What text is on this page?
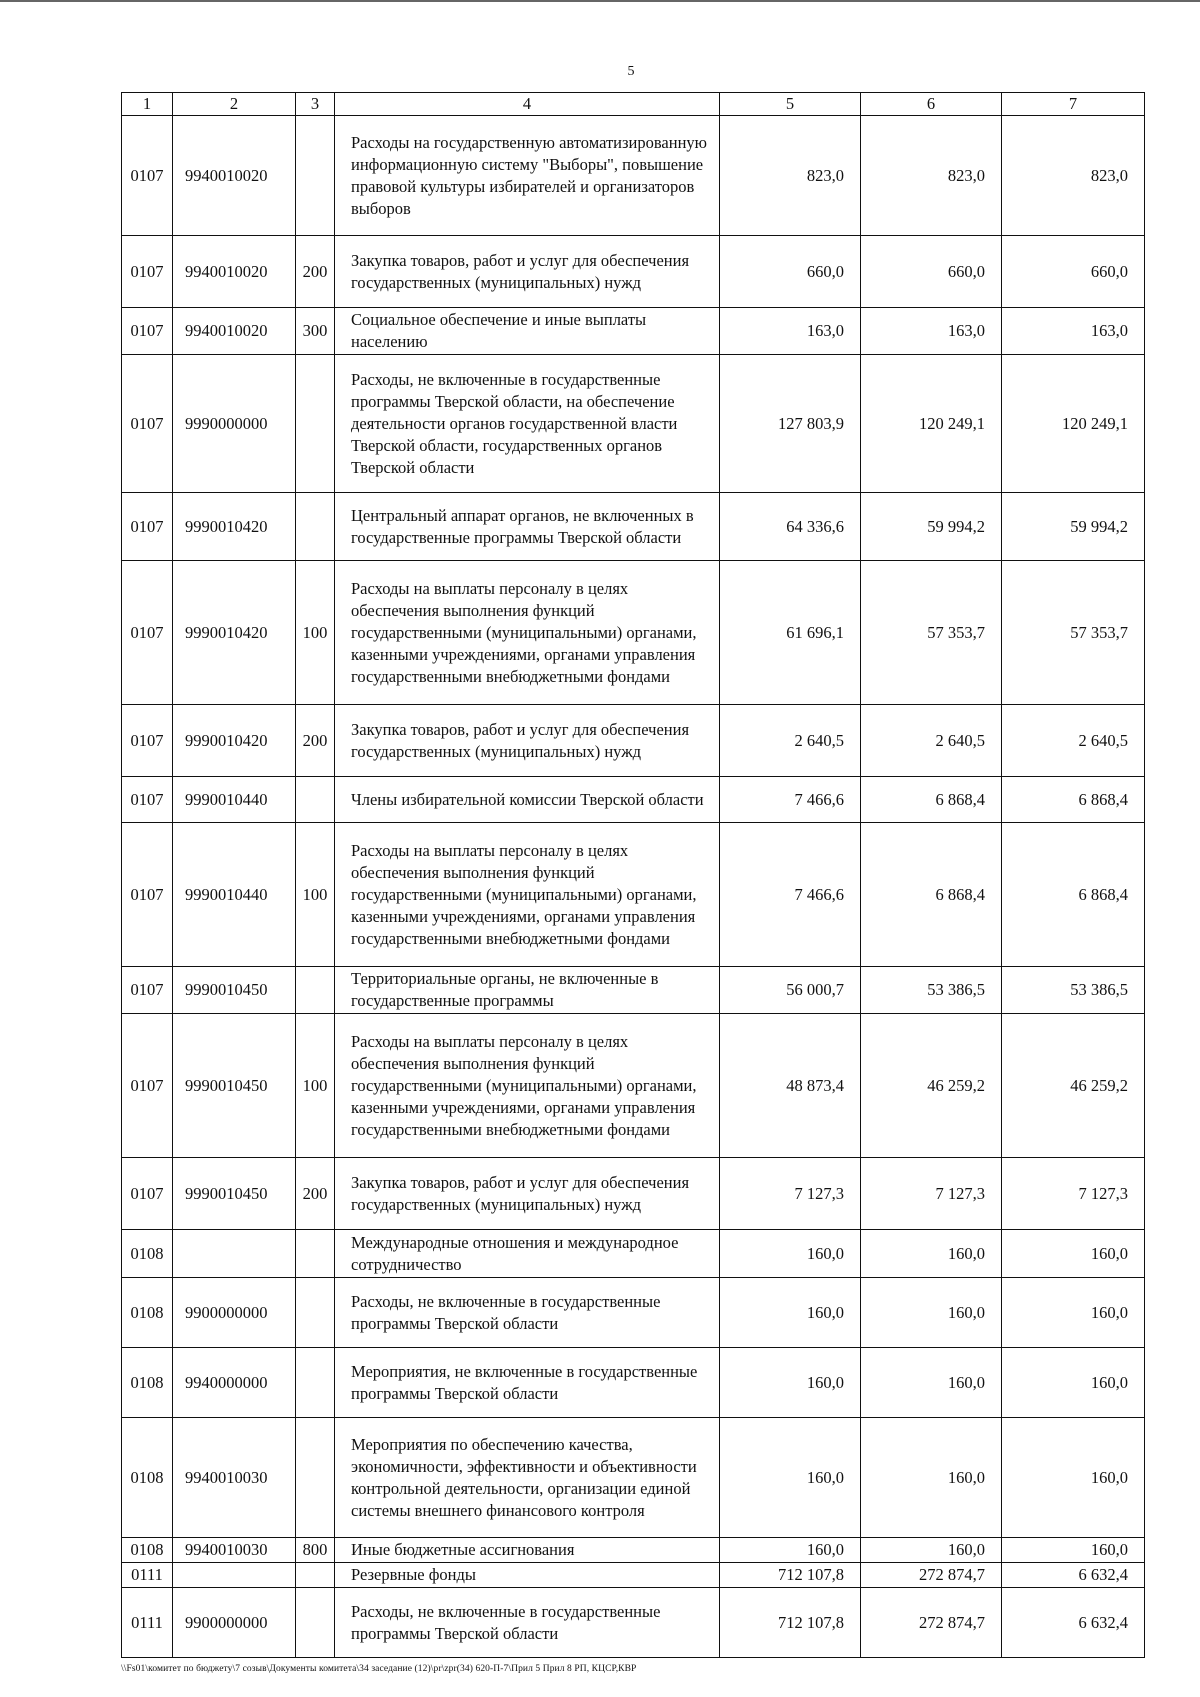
5
1	2	3	4	5	6	7
0107	9940010020		Расходы на государственную автоматизированную информационную систему "Выборы", повышение правовой культуры избирателей и организаторов выборов	823,0	823,0	823,0
0107	9940010020	200	Закупка товаров, работ и услуг для обеспечения государственных (муниципальных) нужд	660,0	660,0	660,0
0107	9940010020	300	Социальное обеспечение и иные выплаты населению	163,0	163,0	163,0
0107	9990000000		Расходы, не включенные в государственные программы Тверской области, на обеспечение деятельности органов государственной власти Тверской области, государственных органов Тверской области	127 803,9	120 249,1	120 249,1
0107	9990010420		Центральный аппарат органов, не включенных в государственные программы Тверской области	64 336,6	59 994,2	59 994,2
0107	9990010420	100	Расходы на выплаты персоналу в целях обеспечения выполнения функций государственными (муниципальными) органами, казенными учреждениями, органами управления государственными внебюджетными фондами	61 696,1	57 353,7	57 353,7
0107	9990010420	200	Закупка товаров, работ и услуг для обеспечения государственных (муниципальных) нужд	2 640,5	2 640,5	2 640,5
0107	9990010440		Члены избирательной комиссии Тверской области	7 466,6	6 868,4	6 868,4
0107	9990010440	100	Расходы на выплаты персоналу в целях обеспечения выполнения функций государственными (муниципальными) органами, казенными учреждениями, органами управления государственными внебюджетными фондами	7 466,6	6 868,4	6 868,4
0107	9990010450		Территориальные органы, не включенные в государственные программы	56 000,7	53 386,5	53 386,5
0107	9990010450	100	Расходы на выплаты персоналу в целях обеспечения выполнения функций государственными (муниципальными) органами, казенными учреждениями, органами управления государственными внебюджетными фондами	48 873,4	46 259,2	46 259,2
0107	9990010450	200	Закупка товаров, работ и услуг для обеспечения государственных (муниципальных) нужд	7 127,3	7 127,3	7 127,3
0108			Международные отношения и международное сотрудничество	160,0	160,0	160,0
0108	9900000000		Расходы, не включенные в государственные программы Тверской области	160,0	160,0	160,0
0108	9940000000		Мероприятия, не включенные в государственные программы Тверской области	160,0	160,0	160,0
0108	9940010030		Мероприятия по обеспечению качества, экономичности, эффективности и объективности контрольной деятельности, организации единой системы внешнего финансового контроля	160,0	160,0	160,0
0108	9940010030	800	Иные бюджетные ассигнования	160,0	160,0	160,0
0111			Резервные фонды	712 107,8	272 874,7	6 632,4
0111	9900000000		Расходы, не включенные в государственные программы Тверской области	712 107,8	272 874,7	6 632,4
\\Fs01\комитет по бюджету\7 созыв\Документы комитета\34 заседание (12)\pr\zpr(34) 620-П-7\Прил 5 Прил 8 РП, КЦСР,КВР
